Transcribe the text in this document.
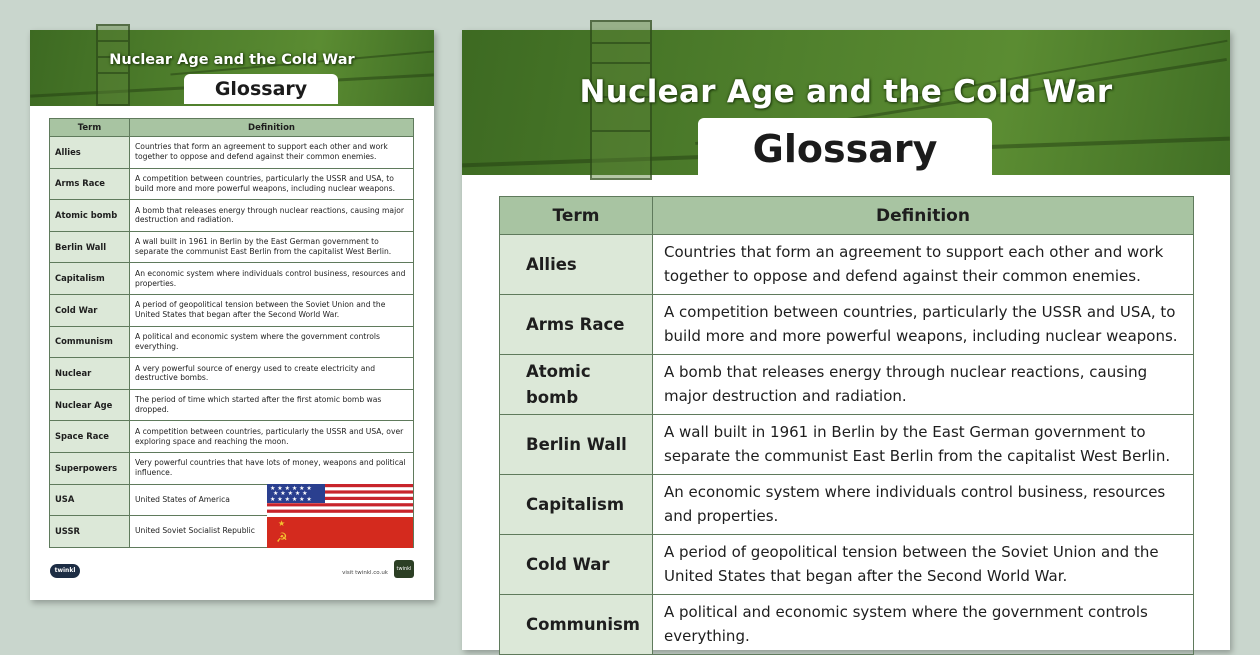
Nuclear Age and the Cold War
Glossary
Term	Definition
Allies	Countries that form an agreement to support each other and work together to oppose and defend against their common enemies.
Arms Race	A competition between countries, particularly the USSR and USA, to build more and more powerful weapons, including nuclear weapons.
Atomic bomb	A bomb that releases energy through nuclear reactions, causing major destruction and radiation.
Berlin Wall	A wall built in 1961 in Berlin by the East German government to separate the communist East Berlin from the capitalist West Berlin.
Capitalism	An economic system where individuals control business, resources and properties.
Cold War	A period of geopolitical tension between the Soviet Union and the United States that began after the Second World War.
Communism	A political and economic system where the government controls everything.
Nuclear	A very powerful source of energy used to create electricity and destructive bombs.
Nuclear Age	The period of time which started after the first atomic bomb was dropped.
Space Race	A competition between countries, particularly the USSR and USA, over exploring space and reaching the moon.
Superpowers	Very powerful countries that have lots of money, weapons and political influence.
USA	United States of America
USSR	United Soviet Socialist Republic
★ ★ ★ ★ ★ ★
★ ★ ★ ★ ★
★ ★ ★ ★ ★ ★
★
☭
twinkl	visit twinkl.co.uk
twinkl
Nuclear Age and the Cold War
Glossary
Term	Definition
Allies	Countries that form an agreement to support each other and work together to oppose and defend against their common enemies.
Arms Race	A competition between countries, particularly the USSR and USA, to build more and more powerful weapons, including nuclear weapons.
Atomic bomb	A bomb that releases energy through nuclear reactions, causing major destruction and radiation.
Berlin Wall	A wall built in 1961 in Berlin by the East German government to separate the communist East Berlin from the capitalist West Berlin.
Capitalism	An economic system where individuals control business, resources and properties.
Cold War	A period of geopolitical tension between the Soviet Union and the United States that began after the Second World War.
Communism	A political and economic system where the government controls everything.
